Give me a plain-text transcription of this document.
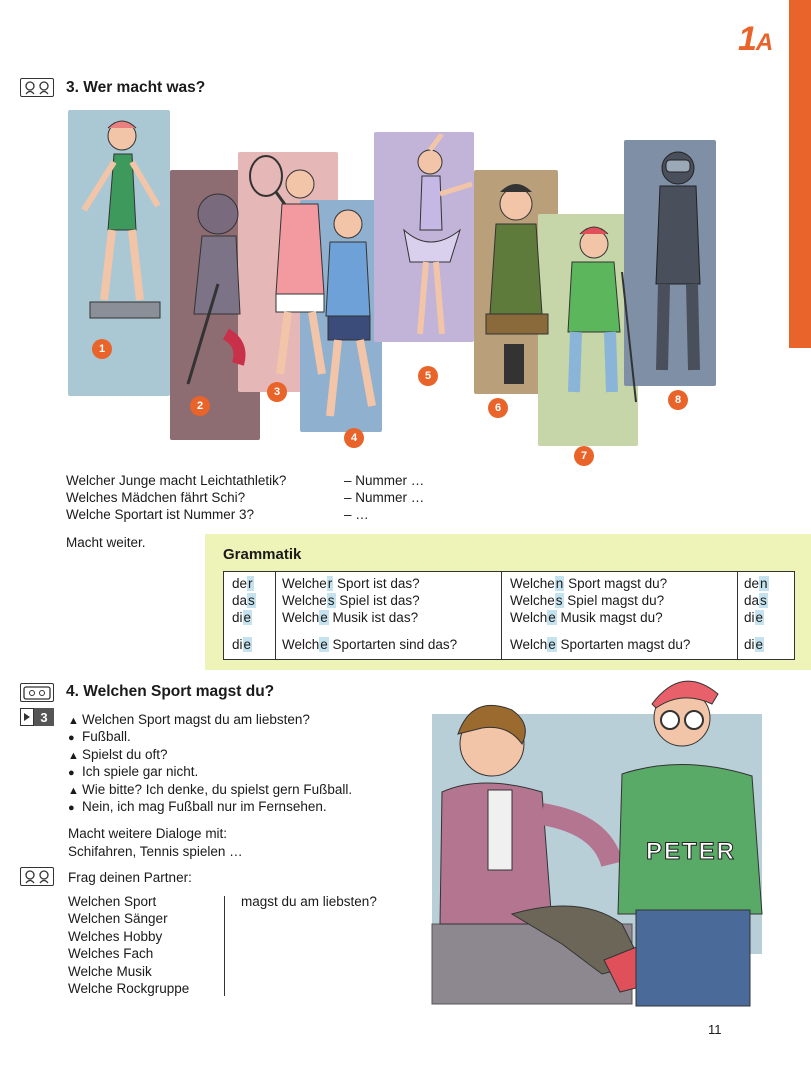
1A
3. Wer macht was?
1
2
3
4
5
6
7
8
Welcher Junge macht Leichtathletik?	– Nummer …
Welches Mädchen fährt Schi?	– Nummer …
Welche Sportart ist Nummer 3?	– …
Macht weiter.
Grammatik
der Welcher Sport ist das?	Welchen Sport magst du?	den
das Welches Spiel ist das?	Welches Spiel magst du?	das
die Welche Musik ist das?	Welche Musik magst du?	die
die Welche Sportarten sind das?	Welche Sportarten magst du?	die
4. Welchen Sport magst du?
3	▲ Welchen Sport magst du am liebsten?
● Fußball.
▲ Spielst du oft?
● Ich spiele gar nicht.
▲ Wie bitte? Ich denke, du spielst gern Fußball.
● Nein, ich mag Fußball nur im Fernsehen.
Macht weitere Dialoge mit:
Schifahren, Tennis spielen …
Frag deinen Partner:
Welchen Sport
Welchen Sänger
Welches Hobby
Welches Fach
Welche Musik
Welche Rockgruppe
magst du am liebsten?
PETER
11
